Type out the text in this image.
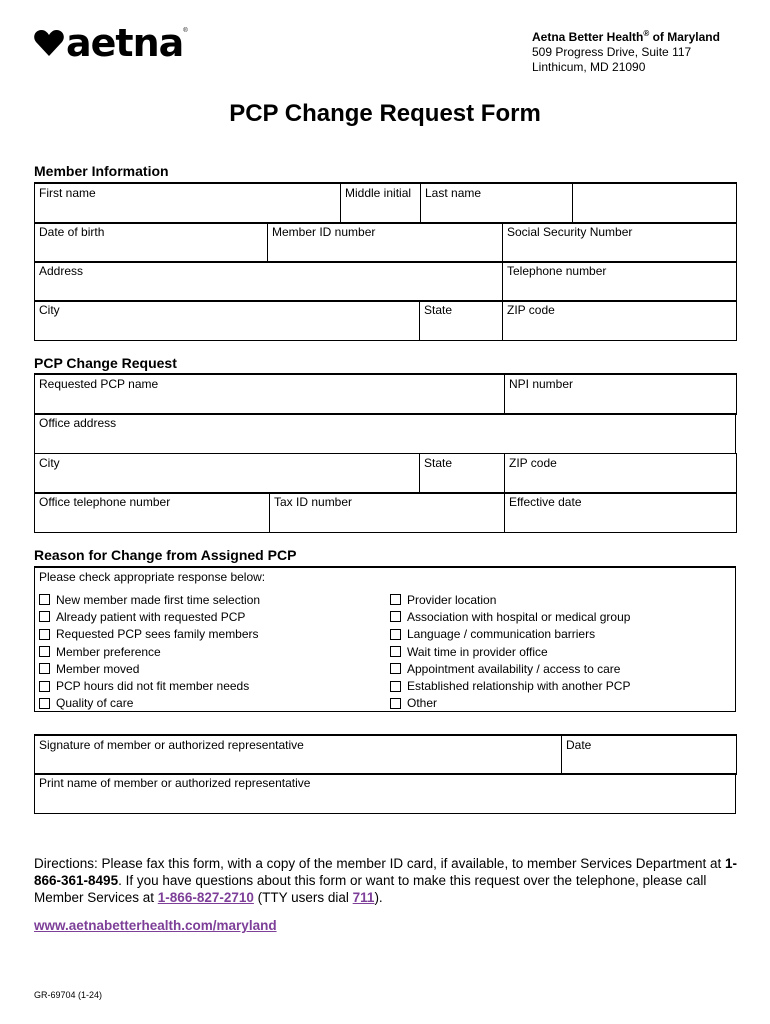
aetna ®	Aetna Better Health® of Maryland
509 Progress Drive, Suite 117
Linthicum, MD 21090
PCP Change Request Form
Member Information
First name	Middle initial	Last name

Date of birth	Member ID number	Social Security Number
Address	Telephone number
City	State	ZIP code
PCP Change Request
Requested PCP name	NPI number
Office address
City	State	ZIP code
Office telephone number	Tax ID number	Effective date
Reason for Change from Assigned PCP
Please check appropriate response below:
New member made first time selection
Already patient with requested PCP
Requested PCP sees family members
Member preference
Member moved
PCP hours did not fit member needs
Quality of care
Provider location
Association with hospital or medical group
Language / communication barriers
Wait time in provider office
Appointment availability / access to care
Established relationship with another PCP
Other
Signature of member or authorized representative	Date
Print name of member or authorized representative
Directions: Please fax this form, with a copy of the member ID card, if available, to member Services Department at 1-866-361-8495. If you have questions about this form or want to make this request over the telephone, please call Member Services at 1-866-827-2710 (TTY users dial 711).
www.aetnabetterhealth.com/maryland
GR-69704 (1-24)
